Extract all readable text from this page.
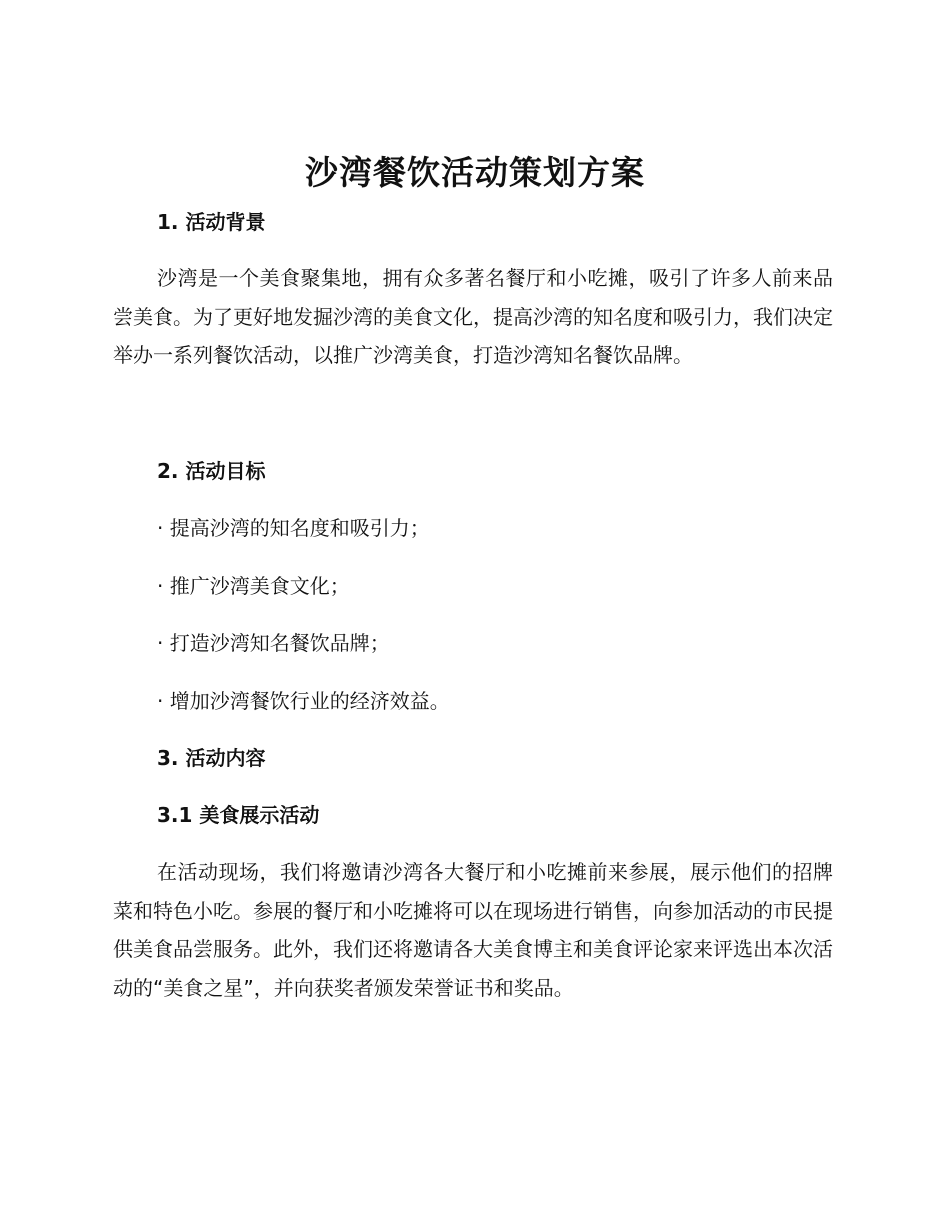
沙湾餐饮活动策划方案
1. 活动背景

沙湾是一个美食聚集地，拥有众多著名餐厅和小吃摊，吸引了许多人前来品尝美食。为了更好地发掘沙湾的美食文化，提高沙湾的知名度和吸引力，我们决定举办一系列餐饮活动，以推广沙湾美食，打造沙湾知名餐饮品牌。

2. 活动目标
· 提高沙湾的知名度和吸引力；
· 推广沙湾美食文化；
· 打造沙湾知名餐饮品牌；
· 增加沙湾餐饮行业的经济效益。
3. 活动内容
3.1 美食展示活动

在活动现场，我们将邀请沙湾各大餐厅和小吃摊前来参展，展示他们的招牌菜和特色小吃。参展的餐厅和小吃摊将可以在现场进行销售，向参加活动的市民提供美食品尝服务。此外，我们还将邀请各大美食博主和美食评论家来评选出本次活动的“美食之星”，并向获奖者颁发荣誉证书和奖品。
